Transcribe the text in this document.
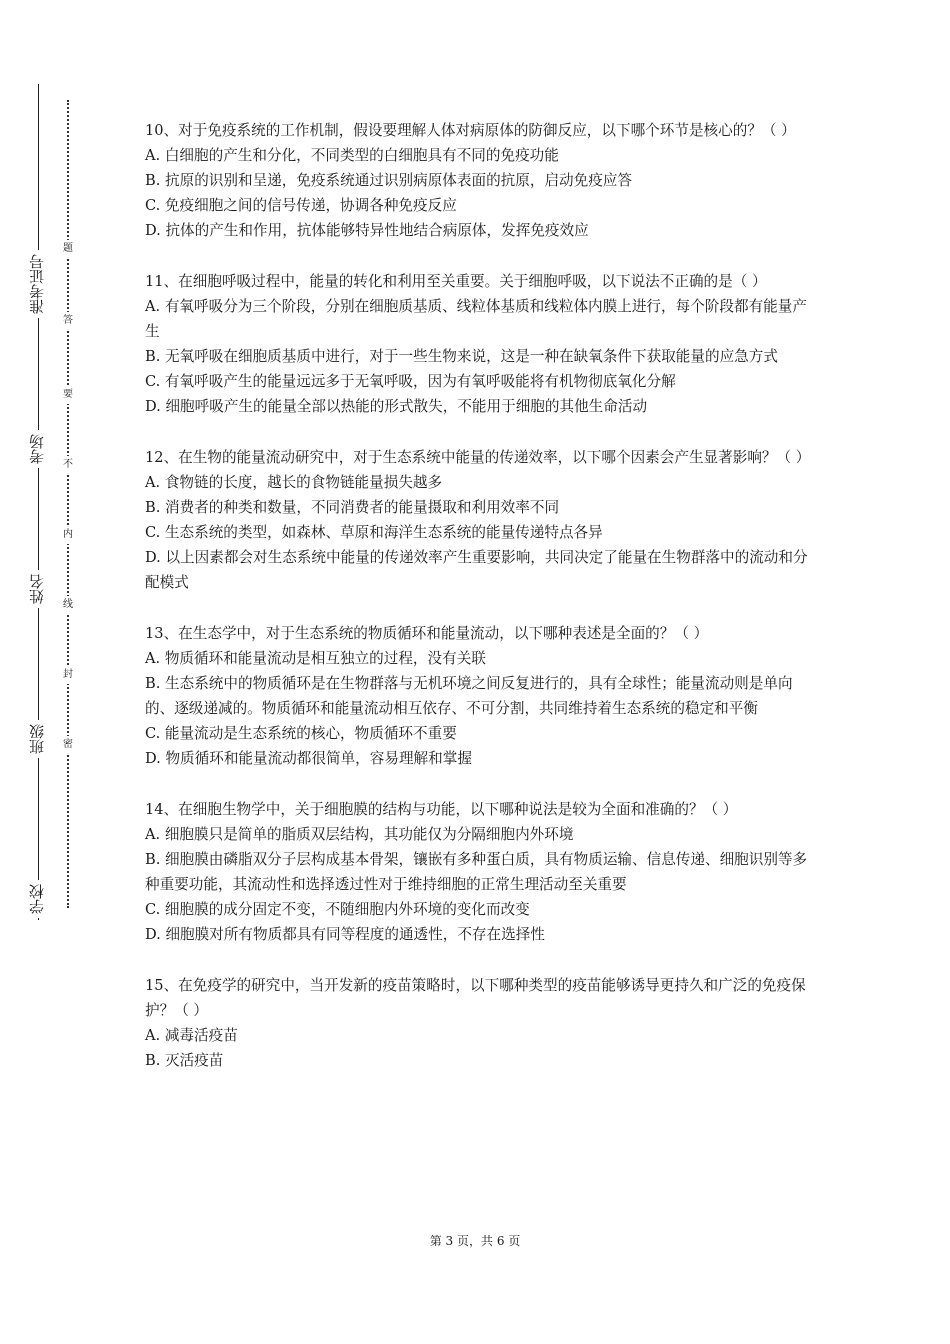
学校
班级
姓名
考场
准考证号
密
封
线
内
不
要
答
题

10、对于免疫系统的工作机制，假设要理解人体对病原体的防御反应，以下哪个环节是核心的？（ ）

A. 白细胞的产生和分化，不同类型的白细胞具有不同的免疫功能

B. 抗原的识别和呈递，免疫系统通过识别病原体表面的抗原，启动免疫应答

C. 免疫细胞之间的信号传递，协调各种免疫反应

D. 抗体的产生和作用，抗体能够特异性地结合病原体，发挥免疫效应

11、在细胞呼吸过程中，能量的转化和利用至关重要。关于细胞呼吸，以下说法不正确的是（ ）

A. 有氧呼吸分为三个阶段，分别在细胞质基质、线粒体基质和线粒体内膜上进行，每个阶段都有能量产生

B. 无氧呼吸在细胞质基质中进行，对于一些生物来说，这是一种在缺氧条件下获取能量的应急方式

C. 有氧呼吸产生的能量远远多于无氧呼吸，因为有氧呼吸能将有机物彻底氧化分解

D. 细胞呼吸产生的能量全部以热能的形式散失，不能用于细胞的其他生命活动

12、在生物的能量流动研究中，对于生态系统中能量的传递效率，以下哪个因素会产生显著影响？（ ）

A. 食物链的长度，越长的食物链能量损失越多

B. 消费者的种类和数量，不同消费者的能量摄取和利用效率不同

C. 生态系统的类型，如森林、草原和海洋生态系统的能量传递特点各异

D. 以上因素都会对生态系统中能量的传递效率产生重要影响，共同决定了能量在生物群落中的流动和分配模式

13、在生态学中，对于生态系统的物质循环和能量流动，以下哪种表述是全面的？（ ）

A. 物质循环和能量流动是相互独立的过程，没有关联

B. 生态系统中的物质循环是在生物群落与无机环境之间反复进行的，具有全球性；能量流动则是单向的、逐级递减的。物质循环和能量流动相互依存、不可分割，共同维持着生态系统的稳定和平衡

C. 能量流动是生态系统的核心，物质循环不重要

D. 物质循环和能量流动都很简单，容易理解和掌握

14、在细胞生物学中，关于细胞膜的结构与功能，以下哪种说法是较为全面和准确的？（ ）

A. 细胞膜只是简单的脂质双层结构，其功能仅为分隔细胞内外环境

B. 细胞膜由磷脂双分子层构成基本骨架，镶嵌有多种蛋白质，具有物质运输、信息传递、细胞识别等多种重要功能，其流动性和选择透过性对于维持细胞的正常生理活动至关重要

C. 细胞膜的成分固定不变，不随细胞内外环境的变化而改变

D. 细胞膜对所有物质都具有同等程度的通透性，不存在选择性

15、在免疫学的研究中，当开发新的疫苗策略时，以下哪种类型的疫苗能够诱导更持久和广泛的免疫保护？（ ）

A. 减毒活疫苗

B. 灭活疫苗

第 3 页，共 6 页
